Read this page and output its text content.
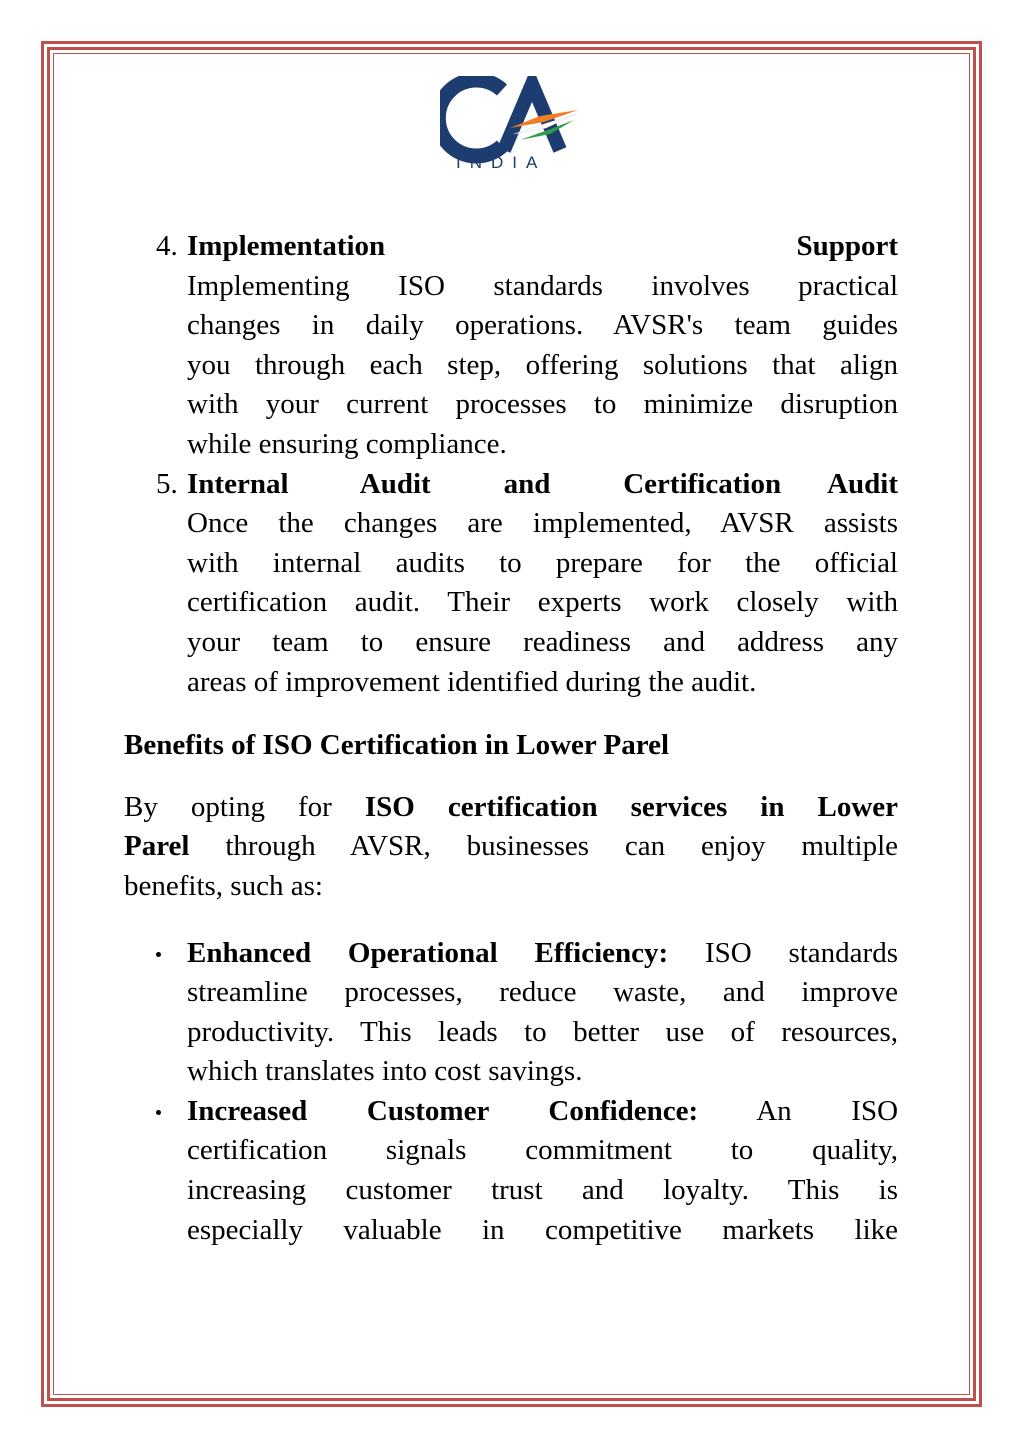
INDIA
4. Implementation	Support
Implementing ISO standards involves practical
changes in daily operations. AVSR's team guides
you through each step, offering solutions that align
with your current processes to minimize disruption
while ensuring compliance.
5. Internal Audit and Certification Audit
Once the changes are implemented, AVSR assists
with internal audits to prepare for the official
certification audit. Their experts work closely with
your team to ensure readiness and address any
areas of improvement identified during the audit.
Benefits of ISO Certification in Lower Parel
By opting for ISO certification services in Lower
Parel through AVSR, businesses can enjoy multiple
benefits, such as:
Enhanced Operational Efficiency: ISO standards
streamline processes, reduce waste, and improve
productivity. This leads to better use of resources,
which translates into cost savings.
Increased Customer Confidence: An ISO
certification signals commitment to quality,
increasing customer trust and loyalty. This is
especially valuable in competitive markets like
